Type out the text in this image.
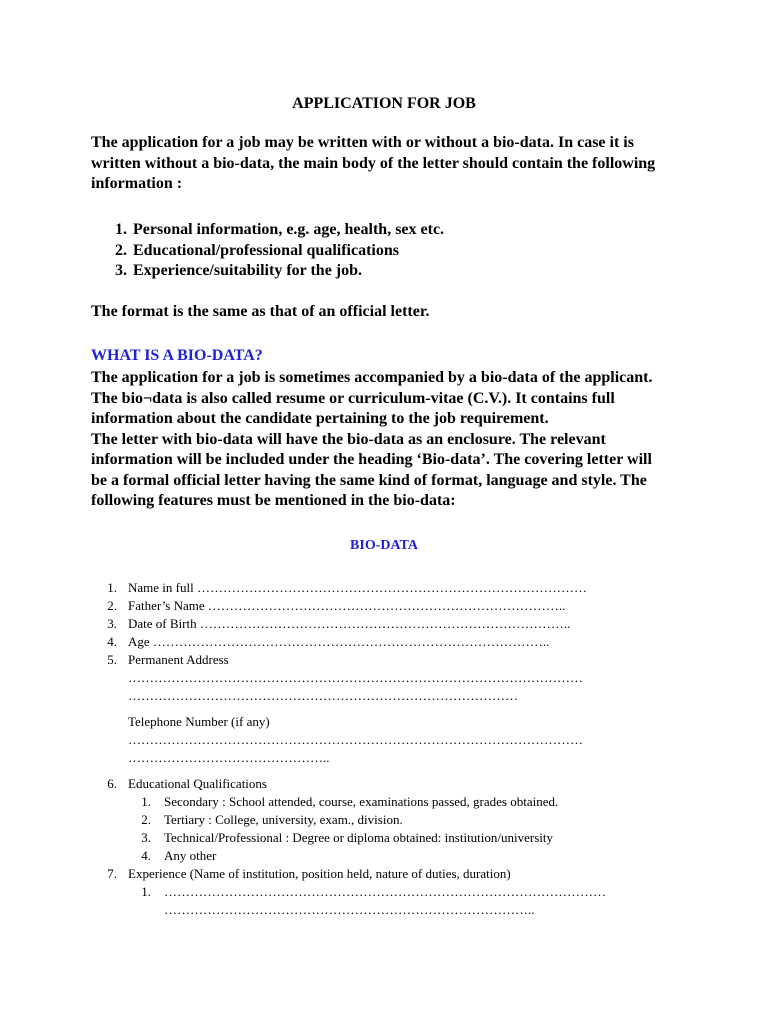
APPLICATION FOR JOB
The application for a job may be written with or without a bio-data. In case it is
written without a bio-data, the main body of the letter should contain the following
information :
1. Personal information, e.g. age, health, sex etc.
2. Educational/professional qualifications
3. Experience/suitability for the job.
The format is the same as that of an official letter.
WHAT IS A BIO-DATA?
The application for a job is sometimes accompanied by a bio-data of the applicant.
The bio¬data is also called resume or curriculum-vitae (C.V.). It contains full
information about the candidate pertaining to the job requirement.
The letter with bio-data will have the bio-data as an enclosure. The relevant
information will be included under the heading ‘Bio-data’. The covering letter will
be a formal official letter having the same kind of format, language and style. The
following features must be mentioned in the bio-data:
BIO-DATA
1. Name in full ………………………………………………………………………………
2. Father’s Name ………………………………………………………………………..
3. Date of Birth …………………………………………………………………………..
4. Age ………………………………………………………………………………..
5. Permanent Address
……………………………………………………………………………………………
………………………………………………………………………………
Telephone Number (if any)
……………………………………………………………………………………………
………………………………………..
6. Educational Qualifications
1. Secondary : School attended, course, examinations passed, grades obtained.
2. Tertiary : College, university, exam., division.
3. Technical/Professional : Degree or diploma obtained: institution/university
4. Any other
7. Experience (Name of institution, position held, nature of duties, duration)
1. …………………………………………………………………………………………
…………………………………………………………………………..
